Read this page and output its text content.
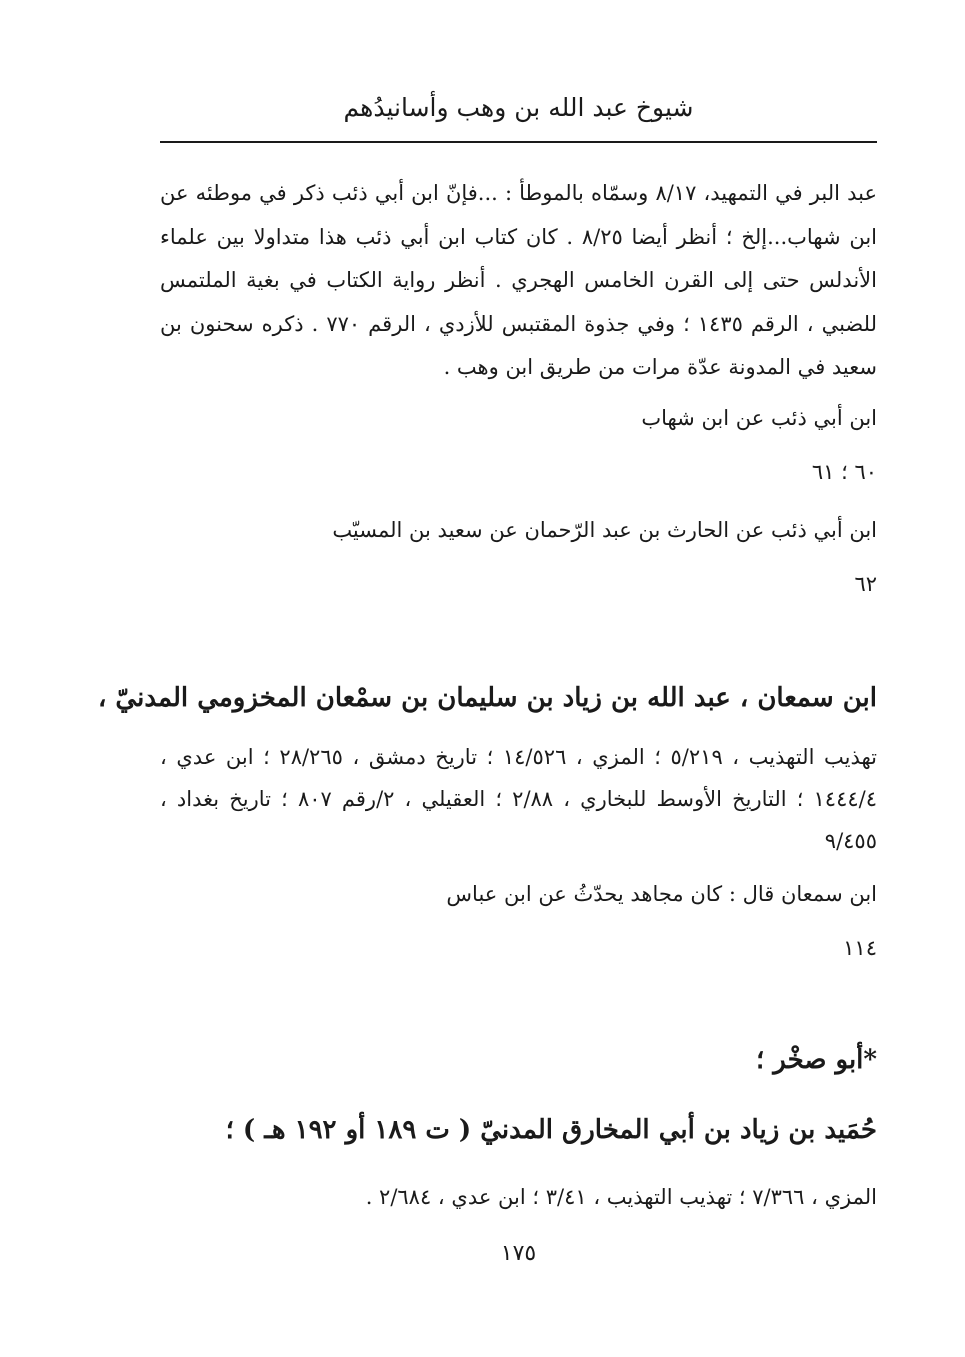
شيوخ عبد الله بن وهب وأسانيدُهم
عبد البر في التمهيد، ٨/١٧ وسمّاه بالموطأ : ...فإنّ ابن أبي ذئب ذكر في موطئه عن ابن شهاب...إلخ ؛ أنظر أيضا ٨/٢٥ . كان كتاب ابن أبي ذئب هذا متداولا بين علماء الأندلس حتى إلى القرن الخامس الهجري . أنظر رواية الكتاب في بغية الملتمس للضبي ، الرقم ١٤٣٥ ؛ وفي جذوة المقتبس للأزدي ، الرقم ٧٧٠ . ذكره سحنون بن سعيد في المدونة عدّة مرات من طريق ابن وهب .
ابن أبي ذئب عن ابن شهاب
٦٠ ؛ ٦١
ابن أبي ذئب عن الحارث بن عبد الرّحمان عن سعيد بن المسيّب
٦٢
ابن سمعان ، عبد الله بن زياد بن سليمان بن سمْعان المخزومي المدنيّ ،
تهذيب التهذيب ، ٥/٢١٩ ؛ المزي ، ١٤/٥٢٦ ؛ تاريخ دمشق ، ٢٨/٢٦٥ ؛ ابن عدي ، ١٤٤٤/٤ ؛ التاريخ الأوسط للبخاري ، ٢/٨٨ ؛ العقيلي ، ٢/رقم ٨٠٧ ؛ تاريخ بغداد ، ٩/٤٥٥
ابن سمعان قال : كان مجاهد يحدّثُ عن ابن عباس
١١٤
*أبو صخْر ؛
حُمَيد بن زياد بن أبي المخارق المدنيّ ( ت ١٨٩ أو ١٩٢ هـ ) ؛
المزي ، ٧/٣٦٦ ؛ تهذيب التهذيب ، ٣/٤١ ؛ ابن عدي ، ٢/٦٨٤ .
١٧٥
